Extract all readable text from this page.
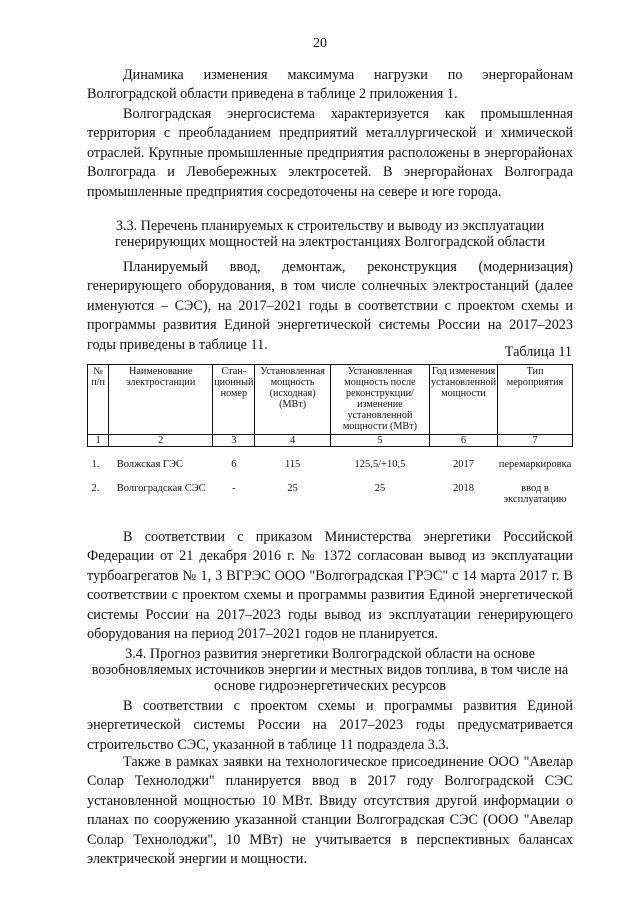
20

Динамика изменения максимума нагрузки по энергорайонам Волгоградской области приведена в таблице 2 приложения 1.

Волгоградская энергосистема характеризуется как промышленная территория с преобладанием предприятий металлургической и химической отраслей. Крупные промышленные предприятия расположены в энергорайонах Волгограда и Левобережных электросетей. В энергорайонах Волгограда промышленные предприятия сосредоточены на севере и юге города.

3.3. Перечень планируемых к строительству и выводу из эксплуатации генерирующих мощностей на электростанциях Волгоградской области

Планируемый ввод, демонтаж, реконструкция (модернизация) генерирующего оборудования, в том числе солнечных электростанций (далее именуются – СЭС), на 2017–2021 годы в соответствии с проектом схемы и программы развития Единой энергетической системы России на 2017–2023 годы приведены в таблице 11.	Таблица 11
№ п/п	Наименование электростанции	Стан-ционный номер	Установленная мощность (исходная) (МВт)	Установленная мощность после реконструкции/ изменение установленной мощности (МВт)	Год изменения установленной мощности	Тип мероприятия
1	2	3	4	5	6	7
1.	Волжская ГЭС	6	115	125,5/+10,5	2017	перемаркировка
2.	Волгоградская СЭС	-	25	25	2018	ввод в эксплуатацию

В соответствии с приказом Министерства энергетики Российской Федерации от 21 декабря 2016 г. № 1372 согласован вывод из эксплуатации турбоагрегатов № 1, 3 ВГРЭС ООО "Волгоградская ГРЭС" с 14 марта 2017 г. В соответствии с проектом схемы и программы развития Единой энергетической системы России на 2017–2023 годы вывод из эксплуатации генерирующего оборудования на период 2017–2021 годов не планируется.

3.4. Прогноз развития энергетики Волгоградской области на основе возобновляемых источников энергии и местных видов топлива, в том числе на основе гидроэнергетических ресурсов

В соответствии с проектом схемы и программы развития Единой энергетической системы России на 2017–2023 годы предусматривается строительство СЭС, указанной в таблице 11 подраздела 3.3.

Также в рамках заявки на технологическое присоединение ООО "Авелар Солар Технолоджи" планируется ввод в 2017 году Волгоградской СЭС установленной мощностью 10 МВт. Ввиду отсутствия другой информации о планах по сооружению указанной станции Волгоградская СЭС (ООО "Авелар Солар Технолоджи", 10 МВт) не учитывается в перспективных балансах электрической энергии и мощности.
